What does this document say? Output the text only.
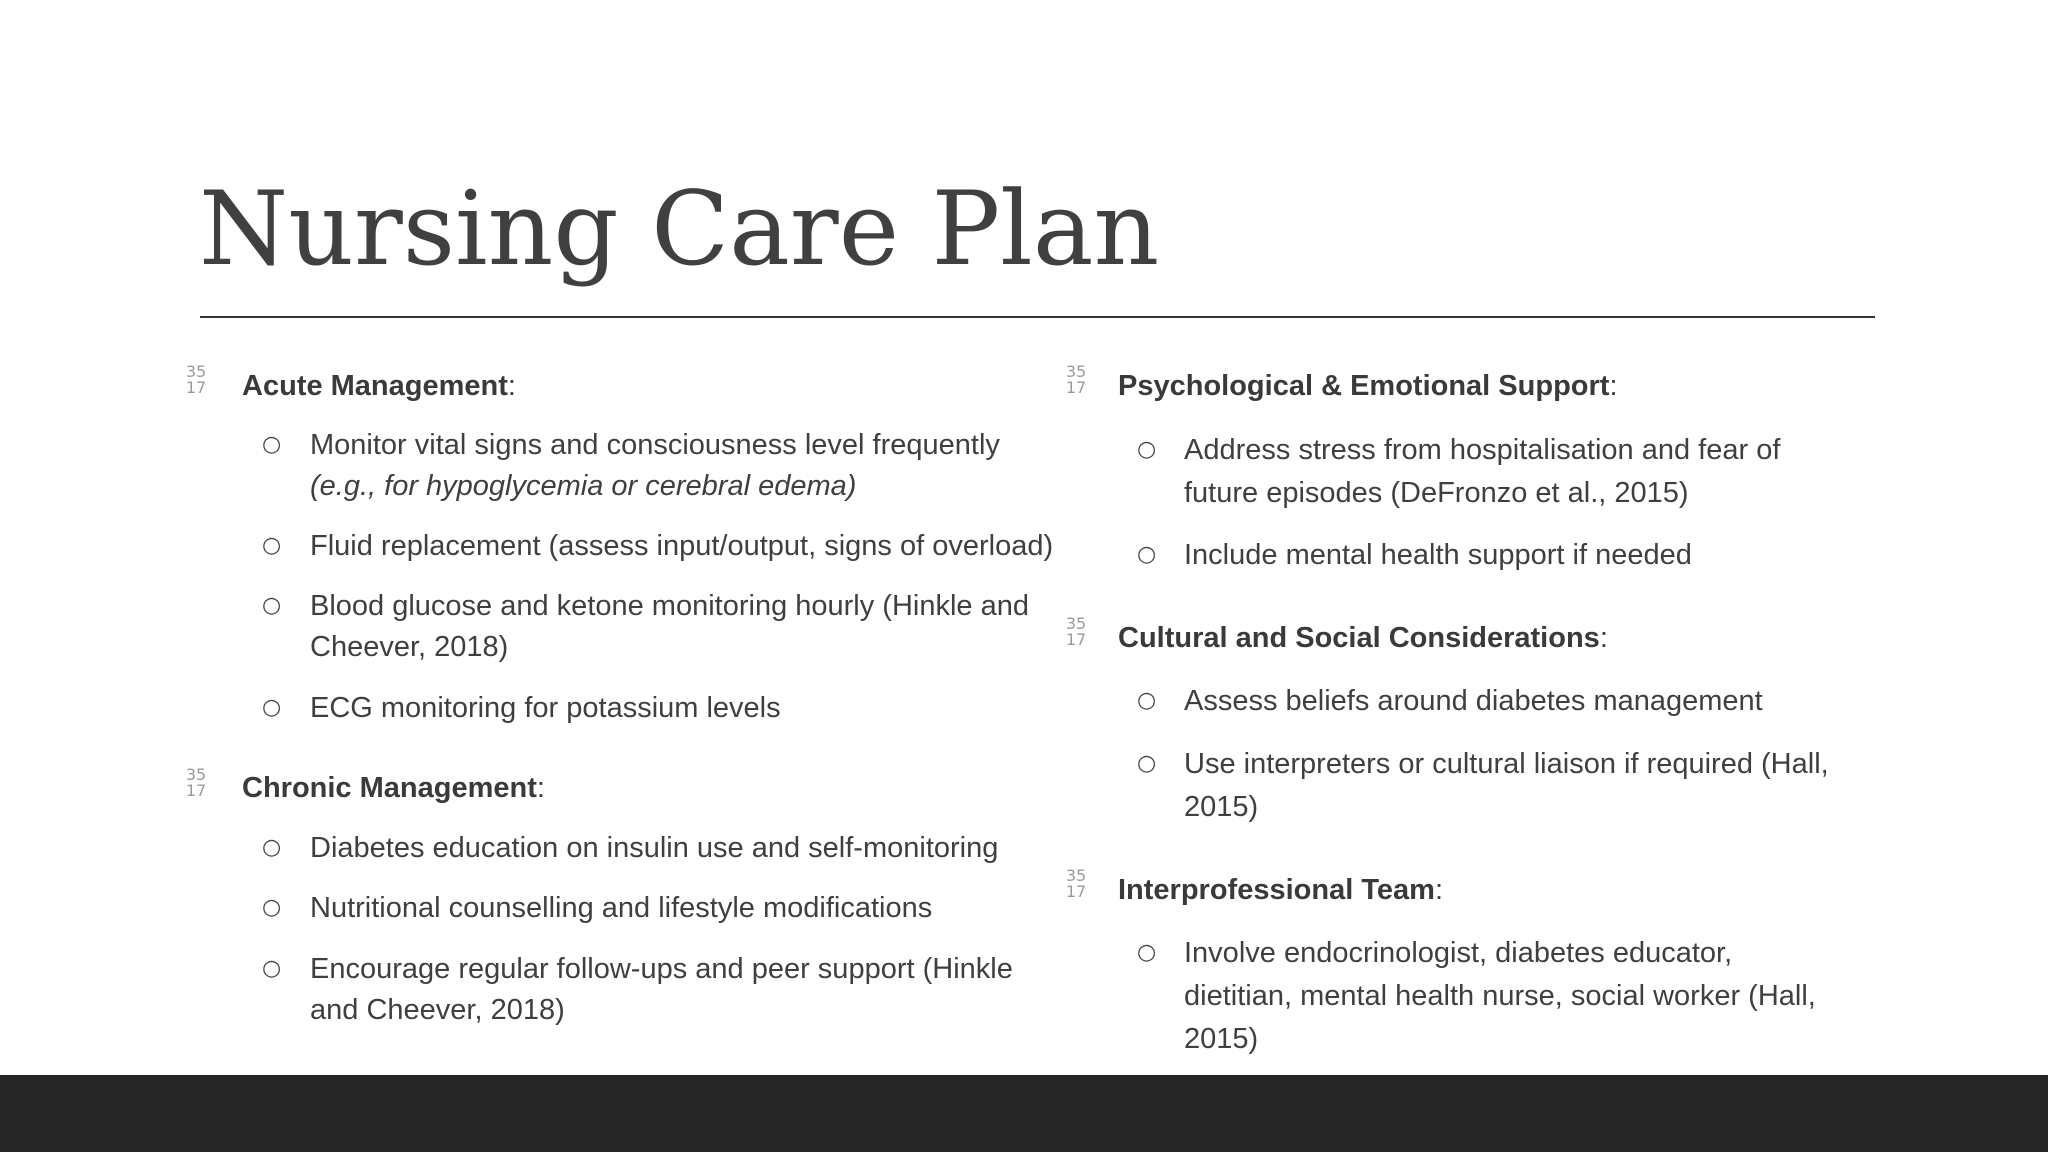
Nursing Care Plan
35
17 Acute Management:
○ Monitor vital signs and consciousness level frequently
(e.g., for hypoglycemia or cerebral edema)
○ Fluid replacement (assess input/output, signs of overload)
○ Blood glucose and ketone monitoring hourly (Hinkle and
Cheever, 2018)
○ ECG monitoring for potassium levels
35
17 Chronic Management:
○ Diabetes education on insulin use and self-monitoring
○ Nutritional counselling and lifestyle modifications
○ Encourage regular follow-ups and peer support (Hinkle
and Cheever, 2018)
35
17 Psychological & Emotional Support:
○ Address stress from hospitalisation and fear of
future episodes (DeFronzo et al., 2015)
○ Include mental health support if needed
35
17 Cultural and Social Considerations:
○ Assess beliefs around diabetes management
○ Use interpreters or cultural liaison if required (Hall,
2015)
35
17 Interprofessional Team:
○ Involve endocrinologist, diabetes educator,
dietitian, mental health nurse, social worker (Hall,
2015)
